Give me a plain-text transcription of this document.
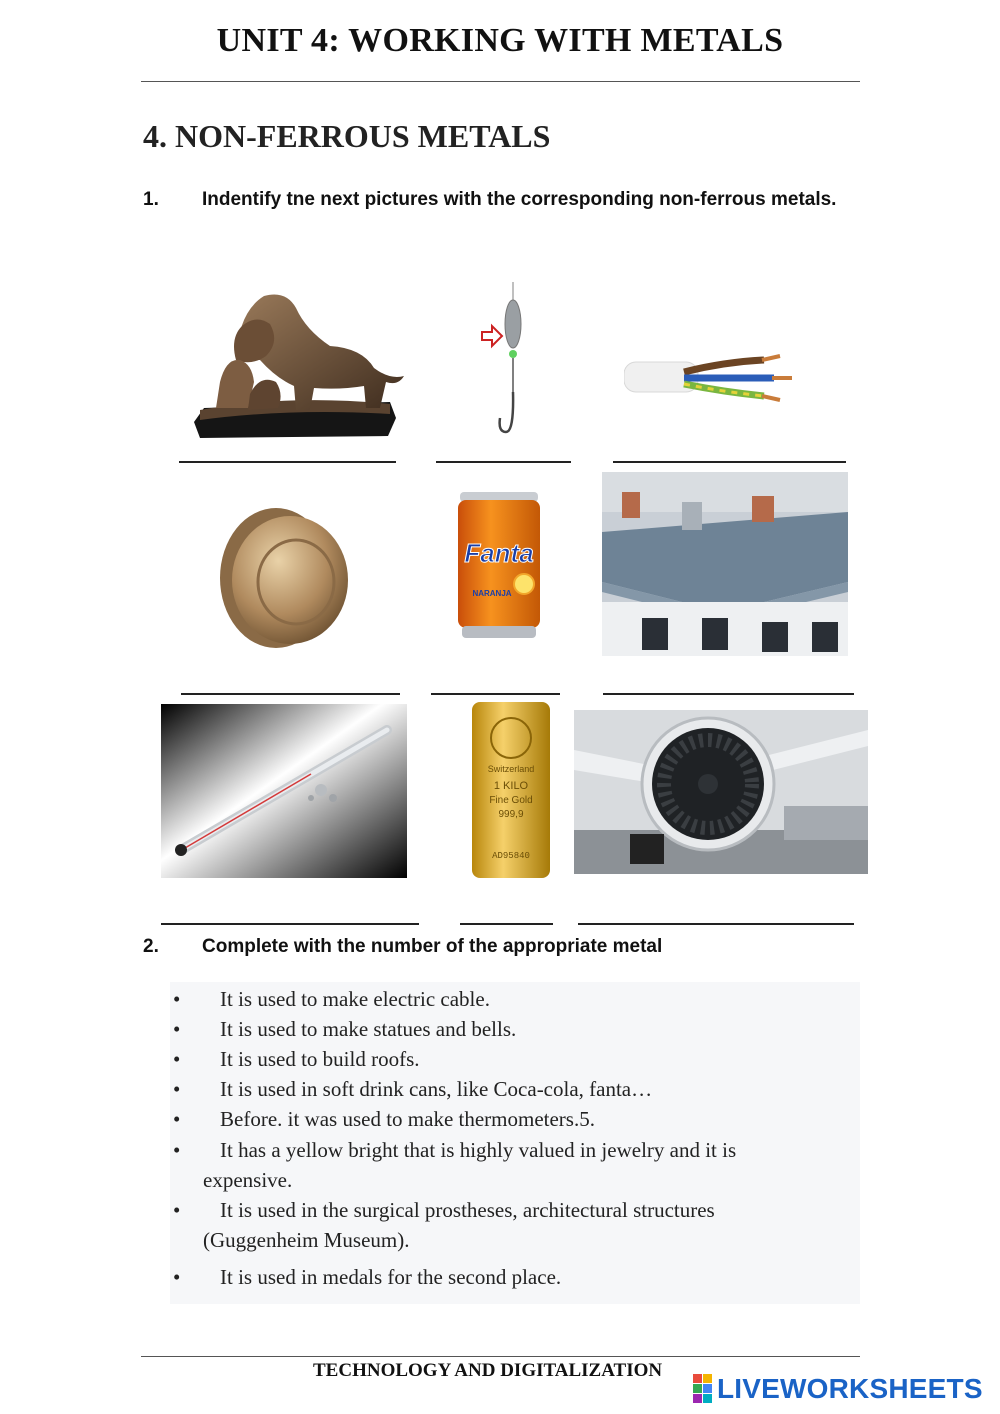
UNIT 4: WORKING WITH METALS
4. NON-FERROUS METALS
1. Indentify tne next pictures with the corresponding non-ferrous metals.
Fanta
NARANJA
Switzerland
1 KILO
Fine Gold
999,9
AD95840
2. Complete with the number of the appropriate metal
•	It is used to make electric cable.
•	It is used to make statues and bells.
•	It is used to build roofs.
•	It is used in soft drink cans, like Coca-cola, fanta…
•	Before. it was used to make thermometers.5.
•	It has a yellow bright that is highly valued in jewelry and it is expensive.
•	It is used in the surgical prostheses, architectural structures (Guggenheim Museum).
•	It is used in medals for the second place.
TECHNOLOGY AND DIGITALIZATION
LIVEWORKSHEETS
